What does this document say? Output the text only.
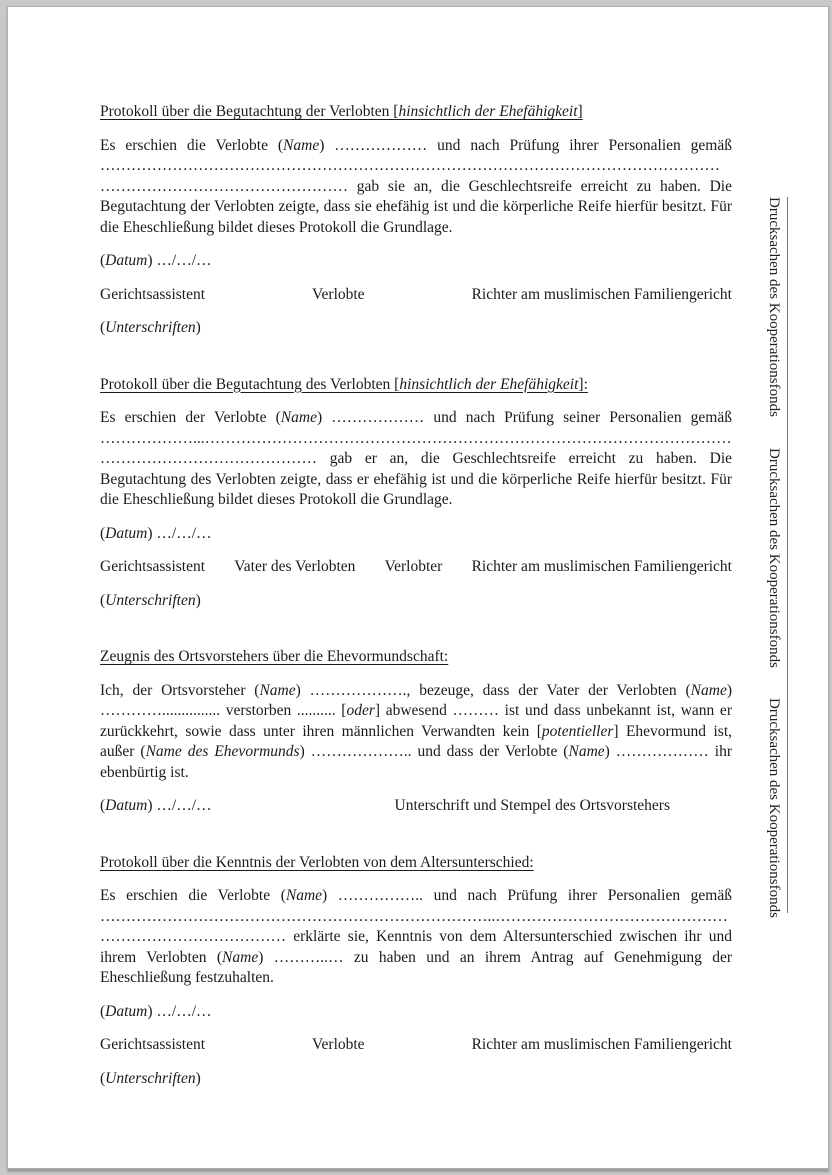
Protokoll über die Begutachtung der Verlobten [hinsichtlich der Ehefähigkeit]

Es erschien die Verlobte (Name) ……………… und nach Prüfung ihrer Personalien gemäß …………………………………………………………………………………………………………………………………………………… gab sie an, die Geschlechtsreife erreicht zu haben. Die Begutachtung der Verlobten zeigte, dass sie ehefähig ist und die körperliche Reife hierfür besitzt. Für die Eheschließung bildet dieses Protokoll die Grundlage.

(Datum) …/…/…

Gerichtsassistent	Verlobte	Richter am muslimischen Familiengericht

(Unterschriften)

Protokoll über die Begutachtung des Verlobten [hinsichtlich der Ehefähigkeit]:

Es erschien der Verlobte (Name) ……………… und nach Prüfung seiner Personalien gemäß ………………...……………………………………………………………………………………………………………………………… gab er an, die Geschlechtsreife erreicht zu haben. Die Begutachtung des Verlobten zeigte, dass er ehefähig ist und die körperliche Reife hierfür besitzt. Für die Eheschließung bildet dieses Protokoll die Grundlage.

(Datum) …/…/…

Gerichtsassistent Vater des Verlobten Verlobter Richter am muslimischen Familiengericht

(Unterschriften)

Zeugnis des Ortsvorstehers über die Ehevormundschaft:

Ich, der Ortsvorsteher (Name) ………………., bezeuge, dass der Vater der Verlobten (Name) …………............... verstorben .......... [oder] abwesend ……… ist und dass unbekannt ist, wann er zurückkehrt, sowie dass unter ihren männlichen Verwandten kein [potentieller] Ehevormund ist, außer (Name des Ehevormunds) ……………….. und dass der Verlobte (Name) ……………… ihr ebenbürtig ist.

(Datum) …/…/…	Unterschrift und Stempel des Ortsvorstehers
Protokoll über die Kenntnis der Verlobten von dem Altersunterschied:

Es erschien die Verlobte (Name) …………….. und nach Prüfung ihrer Personalien gemäß …………………………………………………………………..……………………………………………………………………… erklärte sie, Kenntnis von dem Altersunterschied zwischen ihr und ihrem Verlobten (Name) ………..… zu haben und an ihrem Antrag auf Genehmigung der Eheschließung festzuhalten.

(Datum) …/…/…

Gerichtsassistent	Verlobte	Richter am muslimischen Familiengericht

(Unterschriften)

Drucksachen des Kooperationsfonds Drucksachen des Kooperationsfonds Drucksachen des Kooperationsfonds
